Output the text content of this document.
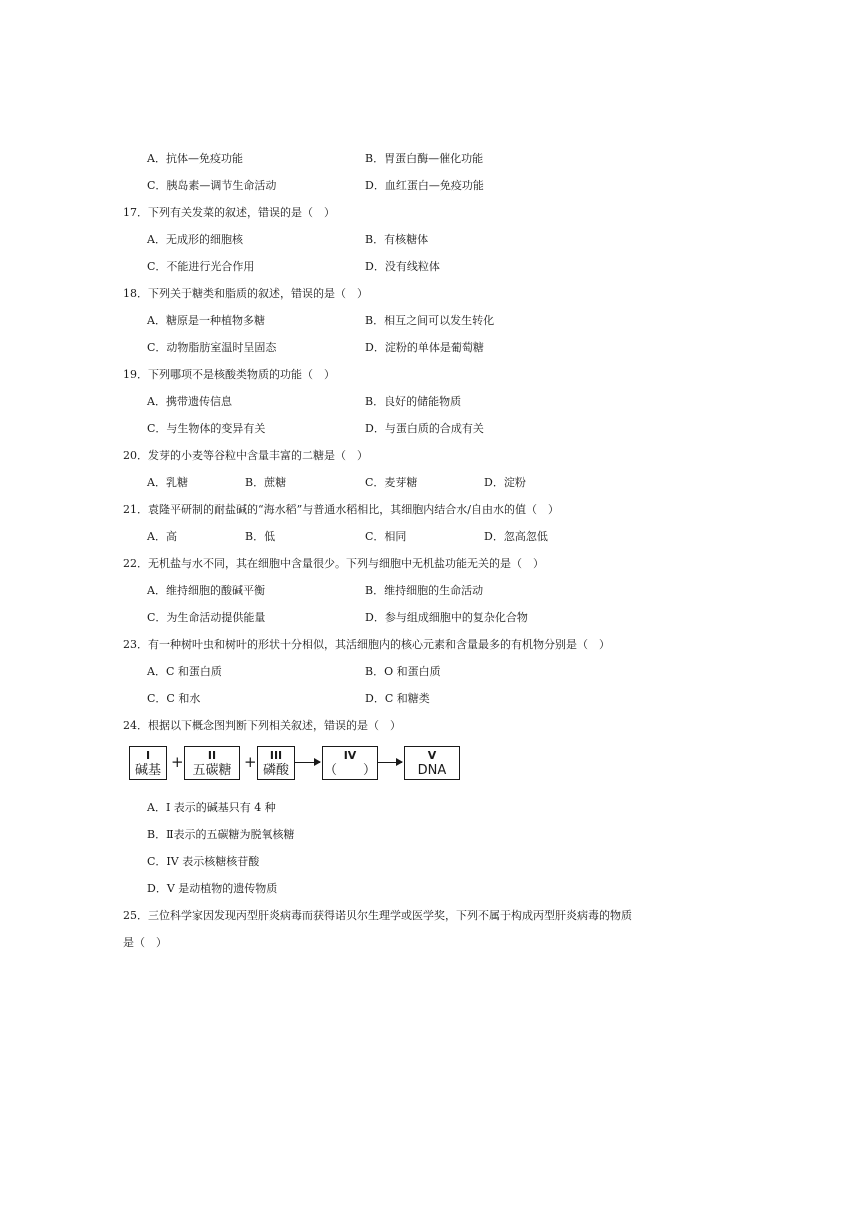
A．抗体—免疫功能	B．胃蛋白酶—催化功能
C．胰岛素—调节生命活动	D．血红蛋白—免疫功能
17．下列有关发菜的叙述，错误的是（　）
A．无成形的细胞核	B．有核糖体
C．不能进行光合作用	D．没有线粒体
18．下列关于糖类和脂质的叙述，错误的是（　）
A．糖原是一种植物多糖	B．相互之间可以发生转化
C．动物脂肪室温时呈固态	D．淀粉的单体是葡萄糖
19．下列哪项不是核酸类物质的功能（　）
A．携带遗传信息	B．良好的储能物质
C．与生物体的变异有关	D．与蛋白质的合成有关
20．发芽的小麦等谷粒中含量丰富的二糖是（　）
A．乳糖	B．蔗糖	C．麦芽糖	D．淀粉
21．袁隆平研制的耐盐碱的“海水稻”与普通水稻相比，其细胞内结合水/自由水的值（　）
A．高	B．低	C．相同	D．忽高忽低
22．无机盐与水不同，其在细胞中含量很少。下列与细胞中无机盐功能无关的是（　）
A．维持细胞的酸碱平衡	B．维持细胞的生命活动
C．为生命活动提供能量	D．参与组成细胞中的复杂化合物
23．有一种树叶虫和树叶的形状十分相似，其活细胞内的核心元素和含量最多的有机物分别是（　）
A．C 和蛋白质	B．O 和蛋白质
C．C 和水	D．C 和糖类
24．根据以下概念图判断下列相关叙述，错误的是（　）
I
碱基 +	II
五碳糖 +	III
磷酸
IV
（　　）
V
DNA
A．I 表示的碱基只有 4 种
B．Ⅱ表示的五碳糖为脱氧核糖
C．IV 表示核糖核苷酸
D．V 是动植物的遗传物质
25．三位科学家因发现丙型肝炎病毒而获得诺贝尔生理学或医学奖，下列不属于构成丙型肝炎病毒的物质
是（　）
